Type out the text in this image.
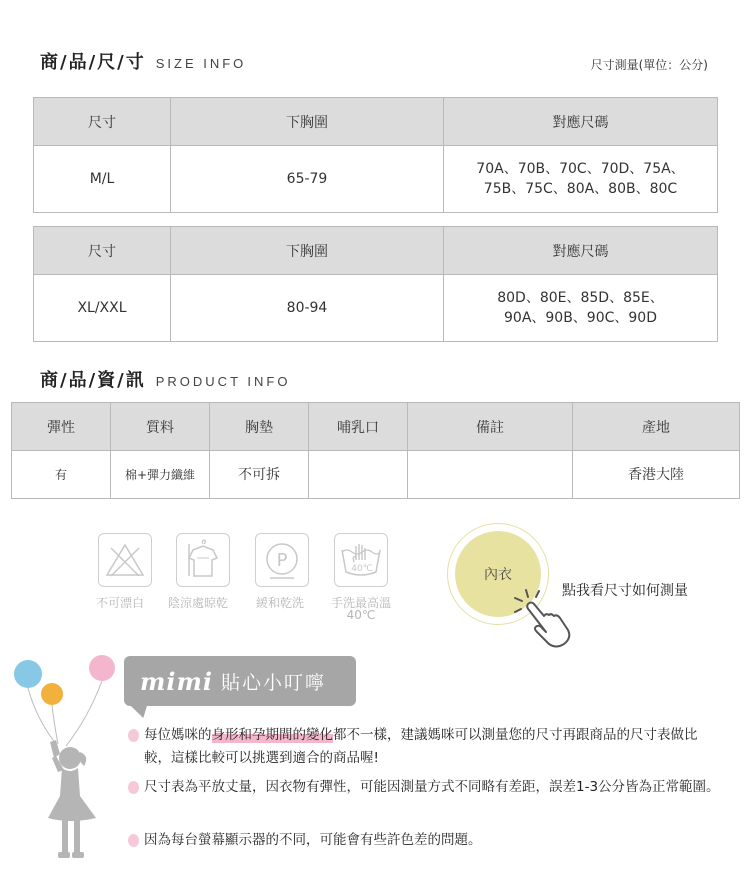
商/品/尺/寸 SIZE INFO	尺寸測量(單位：公分)
尺寸	下胸圍	對應尺碼
M/L	65-79	70A、70B、70C、70D、75A、
75B、75C、80A、80B、80C
尺寸	下胸圍	對應尺碼
XL/XXL	80-94	80D、80E、85D、85E、
90A、90B、90C、90D
商/品/資/訊 PRODUCT INFO
彈性	質料	胸墊	哺乳口	備註	產地
有	棉+彈力纖維	不可拆			香港大陸
P	40℃
不可漂白 陰涼處晾乾 緩和乾洗 手洗最高溫
40℃
內衣
點我看尺寸如何測量
mimi 貼心小叮嚀
每位媽咪的身形和孕期間的變化都不一樣，建議媽咪可以測量您的尺寸再跟商品的尺寸表做比較，這樣比較可以挑選到適合的商品喔!
尺寸表為平放丈量，因衣物有彈性，可能因測量方式不同略有差距，誤差1-3公分皆為正常範圍。
因為每台螢幕顯示器的不同，可能會有些許色差的問題。
